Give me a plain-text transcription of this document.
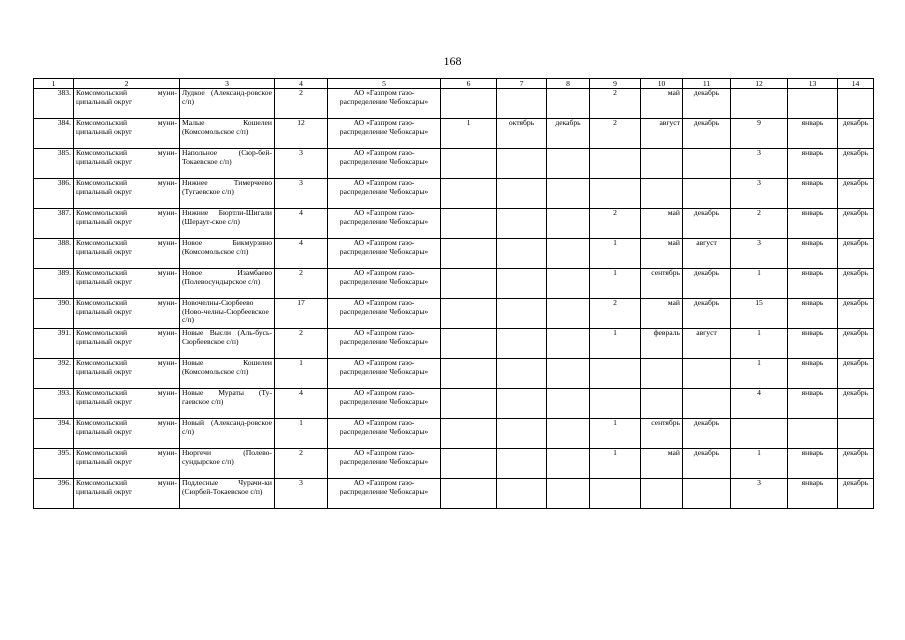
168
1	2	3	4	5	6	7	8	9	10	11	12	13	14
383.	Комсомольский муни-ципальный округ	Лудкое (Александ-ровское с/п)	2	АО «Газпром газо-распределение Чебоксары»				2	май	декабрь			
384.	Комсомольский муни-ципальный округ	Малые Кошелеи (Комсомольское с/п)	12	АО «Газпром газо-распределение Чебоксары»	1	октябрь	декабрь	2	август	декабрь	9	январь	декабрь
385.	Комсомольский муни-ципальный округ	Напольное (Сюр-бей-Токаевское с/п)	3	АО «Газпром газо-распределение Чебоксары»							3	январь	декабрь
386.	Комсомольский муни-ципальный округ	Нижнее Тимерчеево (Тугаевское с/п)	3	АО «Газпром газо-распределение Чебоксары»							3	январь	декабрь
387.	Комсомольский муни-ципальный округ	Нижние Бюртли-Шигали (Шераут-ское с/п)	4	АО «Газпром газо-распределение Чебоксары»				2	май	декабрь	2	январь	декабрь
388.	Комсомольский муни-ципальный округ	Новое Бикмурзино (Комсомольское с/п)	4	АО «Газпром газо-распределение Чебоксары»				1	май	август	3	январь	декабрь
389.	Комсомольский муни-ципальный округ	Новое Изамбаево (Полевосундырское с/п)	2	АО «Газпром газо-распределение Чебоксары»				1	сентябрь	декабрь	1	январь	декабрь
390.	Комсомольский муни-ципальный округ	Новочелны-Сюрбеево (Ново-челны-Сюрбеевское с/п)	17	АО «Газпром газо-распределение Чебоксары»				2	май	декабрь	15	январь	декабрь
391.	Комсомольский муни-ципальный округ	Новые Высли (Аль-бусь-Сюрбеевское с/п)	2	АО «Газпром газо-распределение Чебоксары»				1	февраль	август	1	январь	декабрь
392.	Комсомольский муни-ципальный округ	Новые Кошелеи (Комсомольское с/п)	1	АО «Газпром газо-распределение Чебоксары»							1	январь	декабрь
393.	Комсомольский муни-ципальный округ	Новые Мураты (Ту-гаевское с/п)	4	АО «Газпром газо-распределение Чебоксары»							4	январь	декабрь
394.	Комсомольский муни-ципальный округ	Новый (Александ-ровское с/п)	1	АО «Газпром газо-распределение Чебоксары»				1	сентябрь	декабрь			
395.	Комсомольский муни-ципальный округ	Нюргечи (Полево-сундырское с/п)	2	АО «Газпром газо-распределение Чебоксары»				1	май	декабрь	1	январь	декабрь
396.	Комсомольский муни-ципальный округ	Подлесные Чурачи-ки (Сюрбей-Токаевское с/п)	3	АО «Газпром газо-распределение Чебоксары»							3	январь	декабрь
